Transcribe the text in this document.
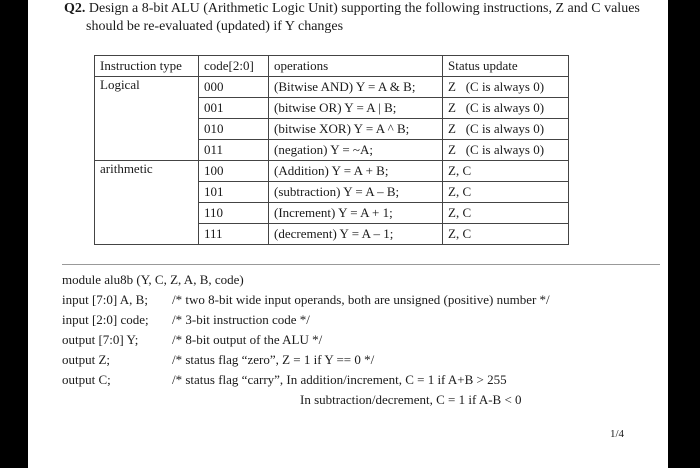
Q2. Design a 8-bit ALU (Arithmetic Logic Unit) supporting the following instructions, Z and C values
should be re-evaluated (updated) if Y changes
Instruction type	code[2:0]	operations	Status update
Logical	000	(Bitwise AND) Y = A & B;	Z   (C is always 0)
	001	(bitwise OR) Y = A | B;	Z   (C is always 0)
	010	(bitwise XOR) Y = A ^ B;	Z   (C is always 0)
	011	(negation) Y = ~A;	Z   (C is always 0)
arithmetic	100	(Addition) Y = A + B;	Z, C
	101	(subtraction) Y = A – B;	Z, C
	110	(Increment) Y = A + 1;	Z, C
	111	(decrement) Y = A – 1;	Z, C
module alu8b (Y, C, Z, A, B, code)
input [7:0] A, B; /* two 8-bit wide input operands, both are unsigned (positive) number */
input [2:0] code; /* 3-bit instruction code */
output [7:0] Y;	/* 8-bit output of the ALU */
output Z;	/* status flag “zero”, Z = 1 if Y == 0 */
output C;	/* status flag “carry”, In addition/increment, C = 1 if A+B > 255
In subtraction/decrement, C = 1 if A-B < 0
1/4
